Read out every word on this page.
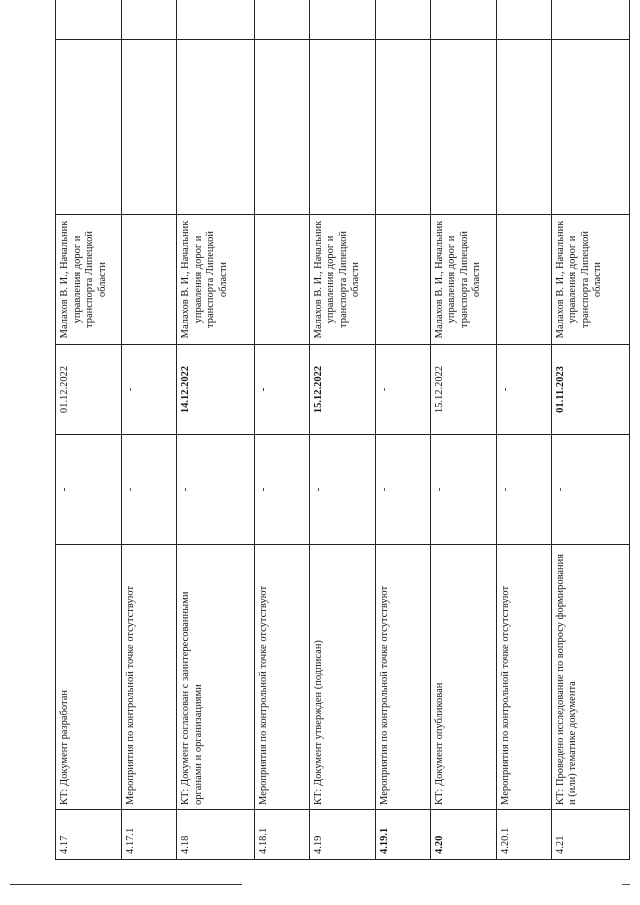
4.17	КТ: Документ разработан	-	01.12.2022	Малахов В. И., Начальник управления дорог и транспорта Липецкой области		
4.17.1	Мероприятия по контрольной точке отсутствуют	-	-			
4.18	КТ: Документ согласован с заинтересованными органами и организациями	-	14.12.2022	Малахов В. И., Начальник управления дорог и транспорта Липецкой области		
4.18.1	Мероприятия по контрольной точке отсутствуют	-	-			
4.19	КТ: Документ утвержден (подписан)	-	15.12.2022	Малахов В. И., Начальник управления дорог и транспорта Липецкой области		
4.19.1	Мероприятия по контрольной точке отсутствуют	-	-			
4.20	КТ: Документ опубликован	-	15.12.2022	Малахов В. И., Начальник управления дорог и транспорта Липецкой области		
4.20.1	Мероприятия по контрольной точке отсутствуют	-	-			
4.21	КТ: Проведено исследование по вопросу формирования и (или) тематике документа	-	01.11.2023	Малахов В. И., Начальник управления дорог и транспорта Липецкой области		
